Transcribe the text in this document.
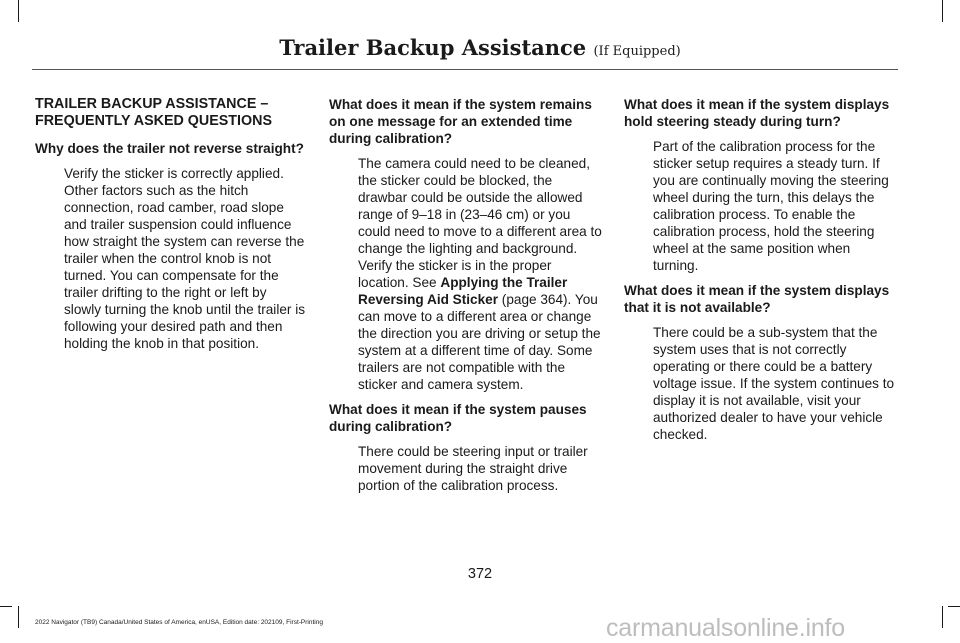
Trailer Backup Assistance (If Equipped)

TRAILER BACKUP ASSISTANCE –
FREQUENTLY ASKED QUESTIONS

Why does the trailer not reverse straight?

Verify the sticker is correctly applied. Other factors such as the hitch connection, road camber, road slope and trailer suspension could influence how straight the system can reverse the trailer when the control knob is not turned. You can compensate for the trailer drifting to the right or left by slowly turning the knob until the trailer is following your desired path and then holding the knob in that position.

What does it mean if the system remains on one message for an extended time during calibration?

The camera could need to be cleaned, the sticker could be blocked, the drawbar could be outside the allowed range of 9–18 in (23–46 cm) or you could need to move to a different area to change the lighting and background. Verify the sticker is in the proper location. See Applying the Trailer Reversing Aid Sticker (page 364). You can move to a different area or change the direction you are driving or setup the system at a different time of day. Some trailers are not compatible with the sticker and camera system.

What does it mean if the system pauses during calibration?

There could be steering input or trailer movement during the straight drive portion of the calibration process.

What does it mean if the system displays hold steering steady during turn?

Part of the calibration process for the sticker setup requires a steady turn. If you are continually moving the steering wheel during the turn, this delays the calibration process. To enable the calibration process, hold the steering wheel at the same position when turning.

What does it mean if the system displays that it is not available?

There could be a sub-system that the system uses that is not correctly operating or there could be a battery voltage issue. If the system continues to display it is not available, visit your authorized dealer to have your vehicle checked.

372
2022 Navigator (TB9) Canada/United States of America, enUSA, Edition date: 202109, First-Printing	carmanualsonline.info
